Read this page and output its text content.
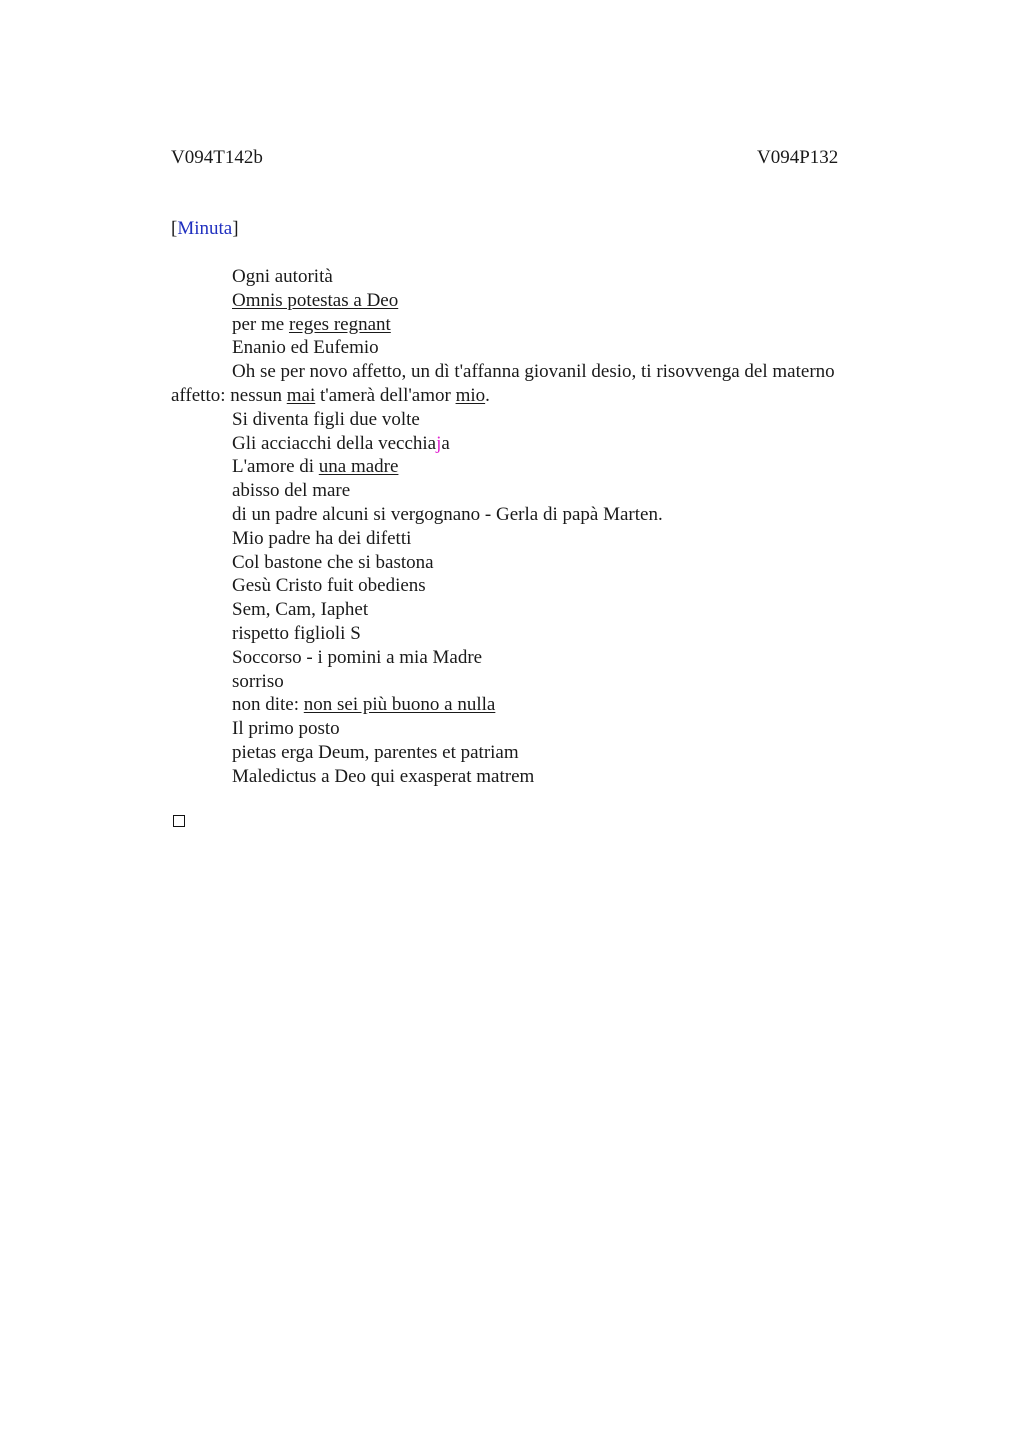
V094T142b	V094P132
[Minuta]
Ogni autorità
Omnis potestas a Deo
per me reges regnant
Enanio ed Eufemio
Oh se per novo affetto, un dì t'affanna giovanil desio, ti risovvenga del materno affetto: nessun mai t'amerà dell'amor mio.
Si diventa figli due volte
Gli acciacchi della vecchiaja
L'amore di una madre
abisso del mare
di un padre alcuni si vergognano - Gerla di papà Marten.
Mio padre ha dei difetti
Col bastone che si bastona
Gesù Cristo fuit obediens
Sem, Cam, Iaphet
rispetto figlioli S
Soccorso - i pomini a mia Madre
sorriso
non dite: non sei più buono a nulla
Il primo posto
pietas erga Deum, parentes et patriam
Maledictus a Deo qui exasperat matrem
